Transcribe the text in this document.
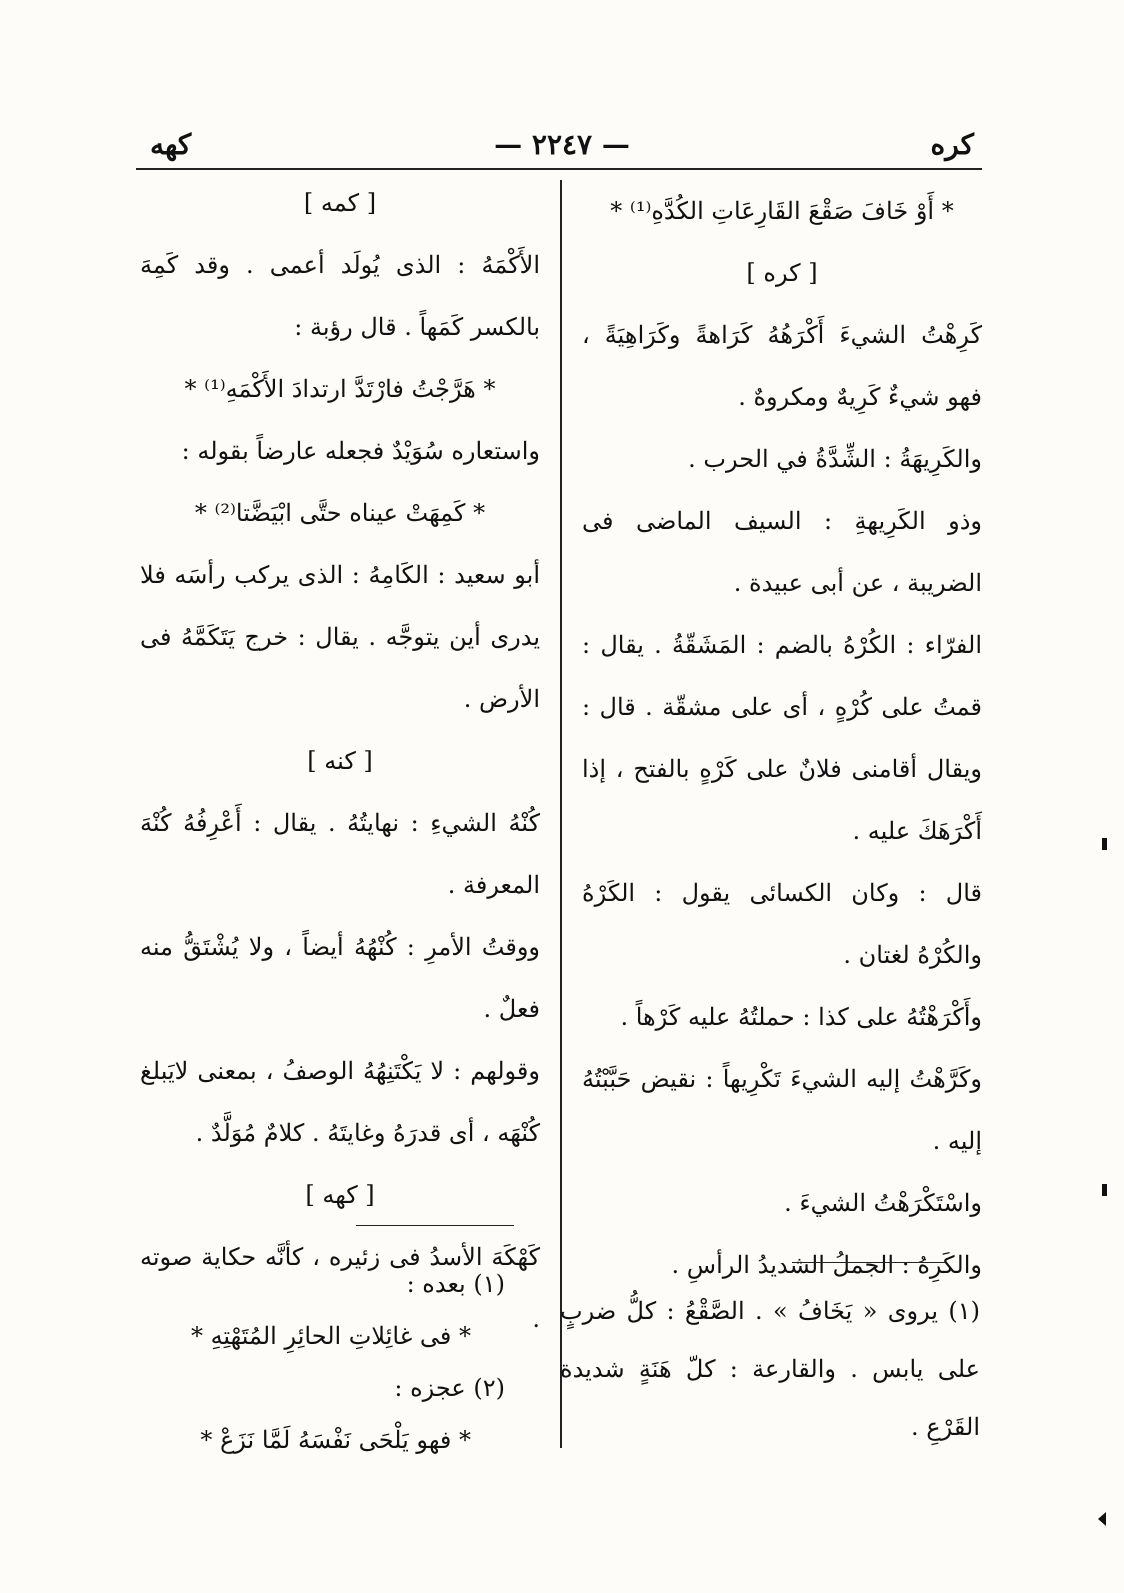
— ٢٢٤٧ —	كره
كهه

* أَوْ خَافَ صَقْعَ القَارِعَاتِ الكُدَّهِ⁽¹⁾ *

[ كره ]

كَرِهْتُ الشيءَ أَكْرَهُهُ كَرَاهةً وكَرَاهِيَةً ، فهو شيءٌ كَرِيهٌ ومكروهٌ .

والكَرِيهَةُ : الشِّدَّةُ في الحرب .

وذو الكَرِيهةِ : السيف الماضى فى الضريبة ، عن أبى عبيدة .

الفرّاء : الكُرْهُ بالضم : المَشَقّةُ . يقال : قمتُ على كُرْهٍ ، أى على مشقّة . قال : ويقال أقامنى فلانٌ على كَرْهٍ بالفتح ، إذا أَكْرَهَكَ عليه .

قال : وكان الكسائى يقول : الكَرْهُ والكُرْهُ لغتان .

وأَكْرَهْتُهُ على كذا : حملتُهُ عليه كَرْهاً .

وكَرَّهْتُ إليه الشيءَ تَكْرِيهاً : نقيض حَبَّبْتُهُ إليه .

واسْتَكْرَهْتُ الشيءَ .

والكَرِهُ : الجملُ الشديدُ الرأسِ .

(١) يروى « يَخَافُ » . الصَّقْعُ : كلُّ ضربٍ على يابس . والقارعة : كلّ هَنَةٍ شديدة القَرْعِ .

[ كمه ]

الأَكْمَهُ : الذى يُولَد أعمى . وقد كَمِهَ بالكسر كَمَهاً . قال رؤبة :

* هَرَّجْتُ فارْتَدَّ ارتدادَ الأَكْمَهِ⁽¹⁾ *

واستعاره سُوَيْدٌ فجعله عارضاً بقوله :

* كَمِهَتْ عيناه حتَّى ابْيَضَّتا⁽²⁾ *

أبو سعيد : الكَامِهُ : الذى يركب رأسَه فلا يدرى أين يتوجَّه . يقال : خرج يَتَكَمَّهُ فى الأرض .

[ كنه ]

كُنْهُ الشيءِ : نهايتُهُ . يقال : أَعْرِفُهُ كُنْهَ المعرفة .

ووقتُ الأمرِ : كُنْهُهُ أيضاً ، ولا يُشْتَقُّ منه فعلٌ .

وقولهم : لا يَكْتَنِهُهُ الوصفُ ، بمعنى لايَبلغ كُنْهَه ، أى قدرَهُ وغايتَهُ . كلامٌ مُوَلَّدٌ .

[ كهه ]

كَهْكَهَ الأسدُ فى زئيره ، كأنَّه حكاية صوته .

(١) بعده :
* فى غائِلاتِ الحائِرِ المُتَهْتِهِ *
(٢) عجزه :
* فهو يَلْحَى نَفْسَهُ لَمَّا نَزَعْ *
